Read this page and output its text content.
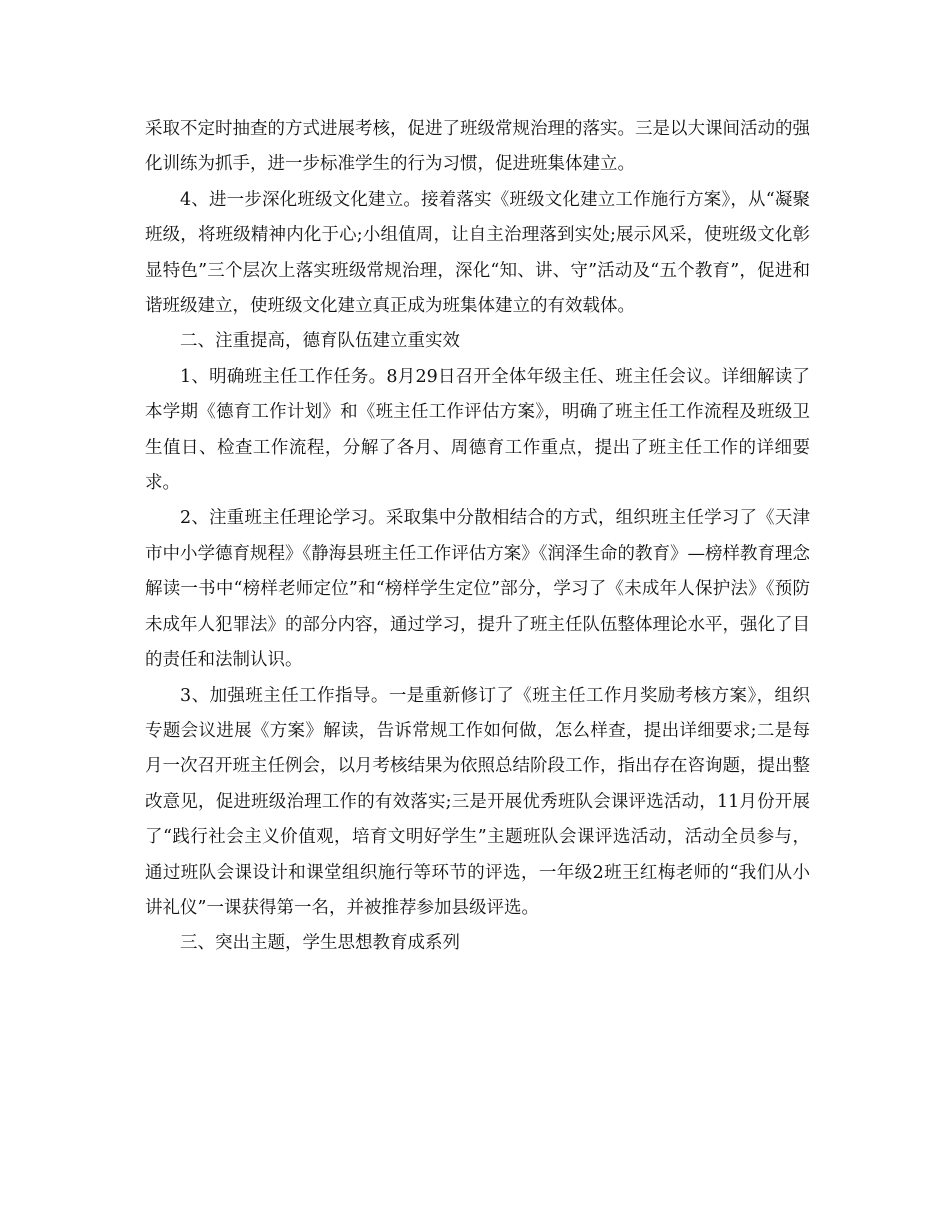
采取不定时抽查的方式进展考核，促进了班级常规治理的落实。三是以大课间活动的强化训练为抓手，进一步标准学生的行为习惯，促进班集体建立。

4、进一步深化班级文化建立。接着落实《班级文化建立工作施行方案》，从“凝聚班级，将班级精神内化于心;小组值周，让自主治理落到实处;展示风采，使班级文化彰显特色”三个层次上落实班级常规治理，深化“知、讲、守”活动及“五个教育”，促进和谐班级建立，使班级文化建立真正成为班集体建立的有效载体。

二、注重提高，德育队伍建立重实效

1、明确班主任工作任务。8月29日召开全体年级主任、班主任会议。详细解读了本学期《德育工作计划》和《班主任工作评估方案》，明确了班主任工作流程及班级卫生值日、检查工作流程，分解了各月、周德育工作重点，提出了班主任工作的详细要求。

2、注重班主任理论学习。采取集中分散相结合的方式，组织班主任学习了《天津市中小学德育规程》《静海县班主任工作评估方案》《润泽生命的教育》—榜样教育理念解读一书中“榜样老师定位”和“榜样学生定位”部分，学习了《未成年人保护法》《预防未成年人犯罪法》的部分内容，通过学习，提升了班主任队伍整体理论水平，强化了目的责任和法制认识。

3、加强班主任工作指导。一是重新修订了《班主任工作月奖励考核方案》，组织专题会议进展《方案》解读，告诉常规工作如何做，怎么样查，提出详细要求;二是每月一次召开班主任例会，以月考核结果为依照总结阶段工作，指出存在咨询题，提出整改意见，促进班级治理工作的有效落实;三是开展优秀班队会课评选活动，11月份开展了“践行社会主义价值观，培育文明好学生”主题班队会课评选活动，活动全员参与，通过班队会课设计和课堂组织施行等环节的评选，一年级2班王红梅老师的“我们从小讲礼仪”一课获得第一名，并被推荐参加县级评选。

三、突出主题，学生思想教育成系列
